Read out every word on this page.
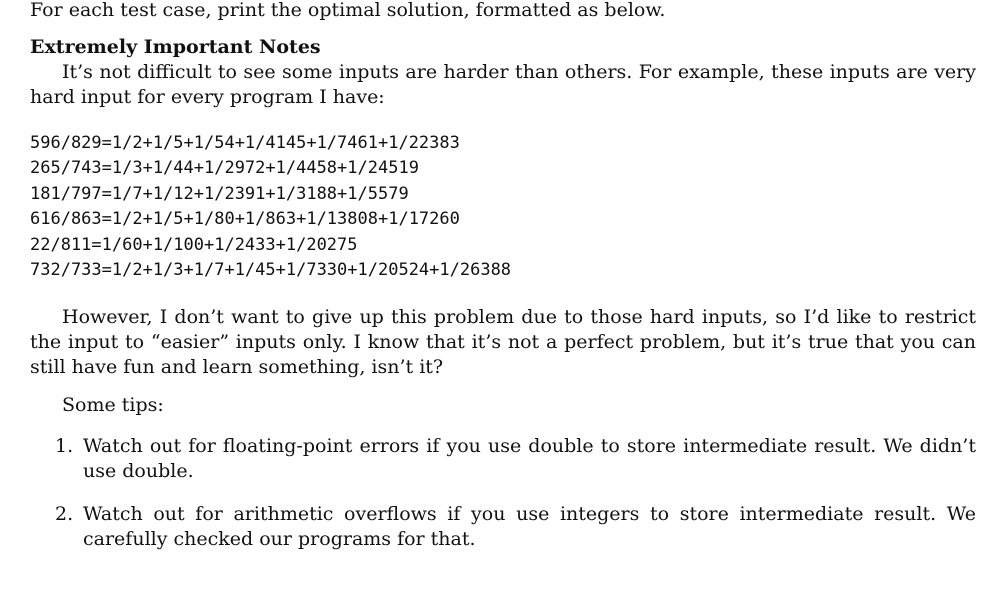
For each test case, print the optimal solution, formatted as below.

Extremely Important Notes

It’s not difficult to see some inputs are harder than others. For example, these inputs are very hard input for every program I have:

596/829=1/2+1/5+1/54+1/4145+1/7461+1/22383
265/743=1/3+1/44+1/2972+1/4458+1/24519
181/797=1/7+1/12+1/2391+1/3188+1/5579
616/863=1/2+1/5+1/80+1/863+1/13808+1/17260
22/811=1/60+1/100+1/2433+1/20275
732/733=1/2+1/3+1/7+1/45+1/7330+1/20524+1/26388

However, I don’t want to give up this problem due to those hard inputs, so I’d like to restrict the input to “easier” inputs only. I know that it’s not a perfect problem, but it’s true that you can still have fun and learn something, isn’t it?

Some tips:

1. Watch out for floating-point errors if you use double to store intermediate result. We didn’t use double.
2. Watch out for arithmetic overflows if you use integers to store intermediate result. We carefully checked our programs for that.
